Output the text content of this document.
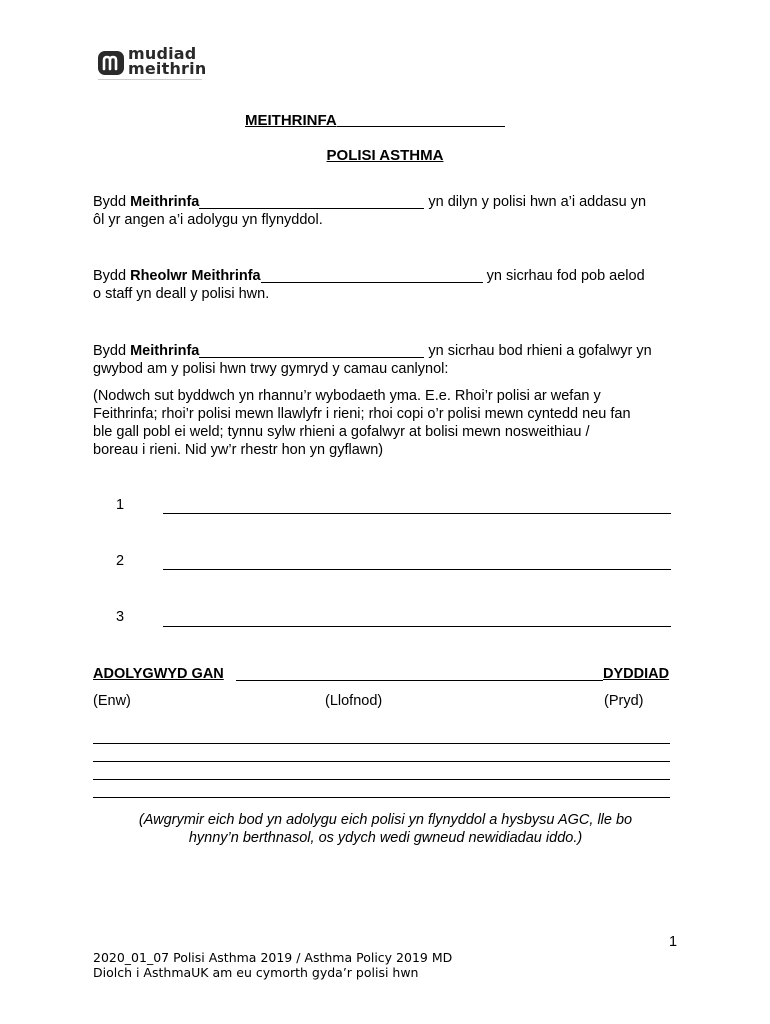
mudiad
meithrin
MEITHRINFA
POLISI ASTHMA
Bydd Meithrinfa	yn dilyn y polisi hwn a’i addasu yn
ôl yr angen a’i adolygu yn flynyddol.
Bydd Rheolwr Meithrinfa	yn sicrhau fod pob aelod
o staff yn deall y polisi hwn.
Bydd Meithrinfa	yn sicrhau bod rhieni a gofalwyr yn
gwybod am y polisi hwn trwy gymryd y camau canlynol:
(Nodwch sut byddwch yn rhannu’r wybodaeth yma. E.e. Rhoi’r polisi ar wefan y
Feithrinfa; rhoi’r polisi mewn llawlyfr i rieni; rhoi copi o’r polisi mewn cyntedd neu fan
ble gall pobl ei weld; tynnu sylw rhieni a gofalwyr at bolisi mewn nosweithiau /
boreau i rieni. Nid yw’r rhestr hon yn gyflawn)
1
2
3
ADOLYGWYD GAN	DYDDIAD
(Enw)	(Llofnod)	(Pryd)
(Awgrymir eich bod yn adolygu eich polisi yn flynyddol a hysbysu AGC, lle bo
hynny’n berthnasol, os ydych wedi gwneud newidiadau iddo.)
1
2020_01_07 Polisi Asthma 2019 / Asthma Policy 2019 MD
Diolch i AsthmaUK am eu cymorth gyda’r polisi hwn
